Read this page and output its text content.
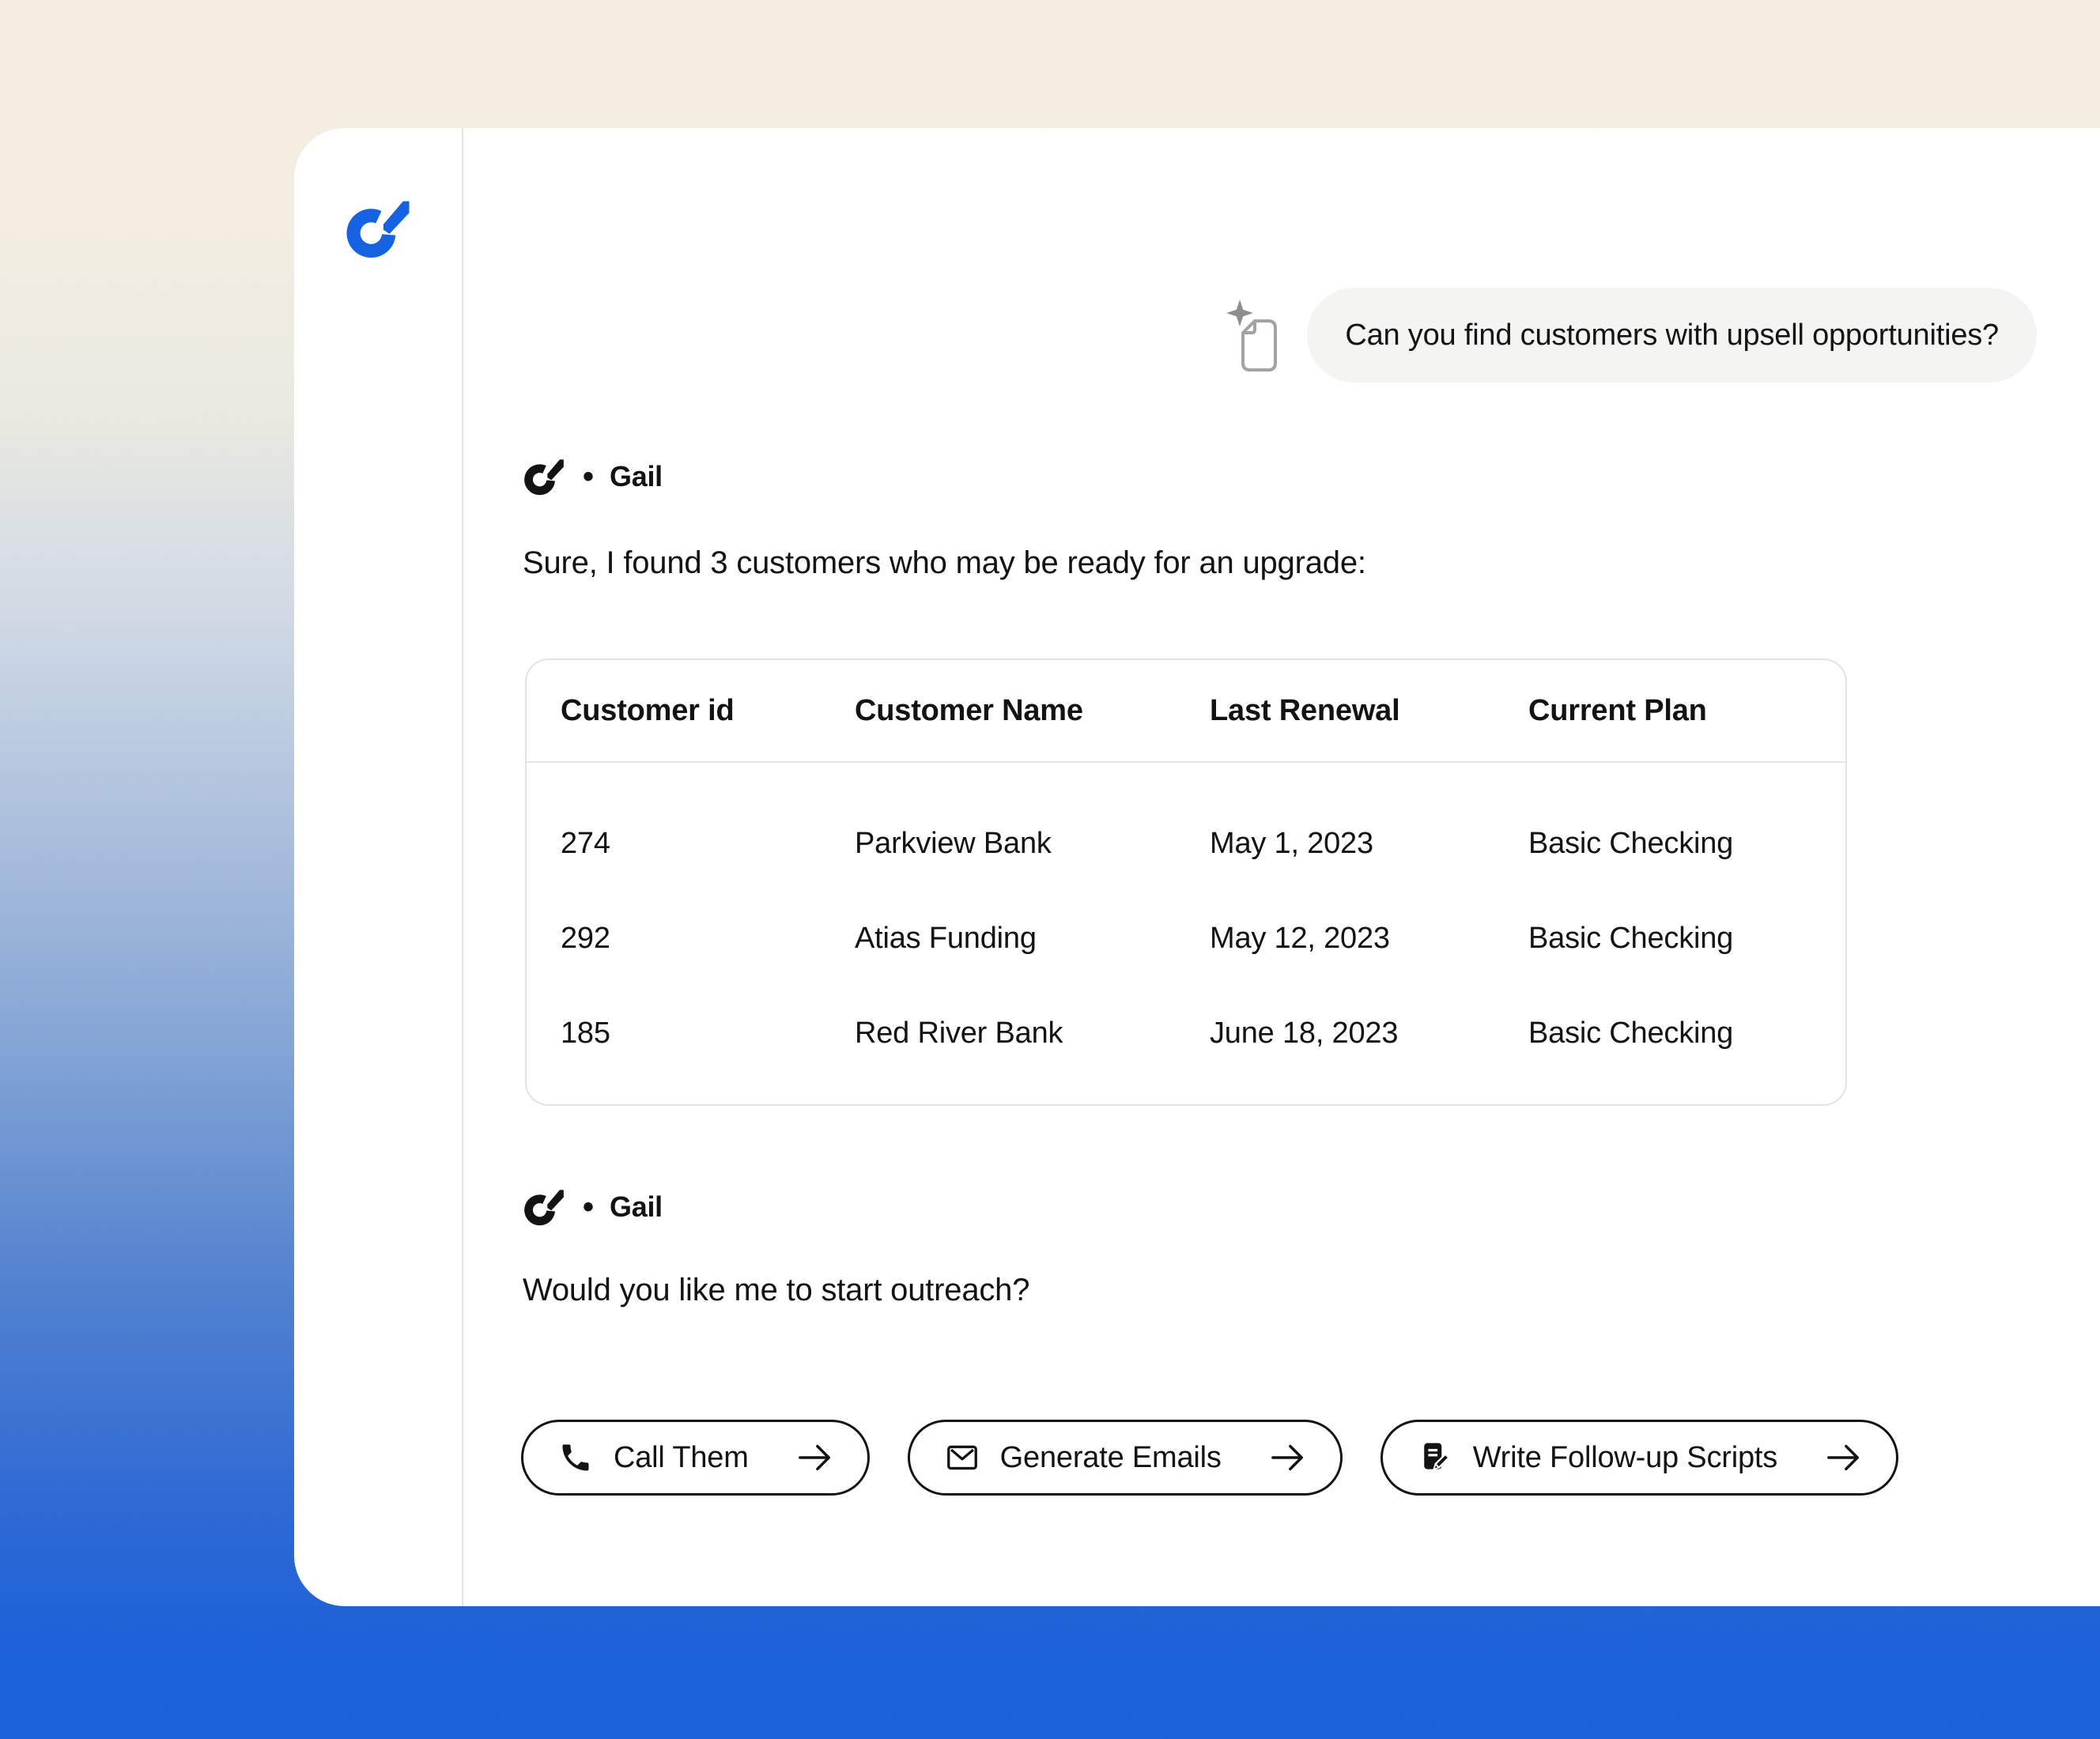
Can you find customers with upsell opportunities?
• Gail
Sure, I found 3 customers who may be ready for an upgrade:
Customer id	Customer Name	Last Renewal	Current Plan
274	Parkview Bank	May 1, 2023	Basic Checking
292	Atias Funding	May 12, 2023	Basic Checking
185	Red River Bank	June 18, 2023	Basic Checking
• Gail
Would you like me to start outreach?
Call Them	Generate Emails	Write Follow-up Scripts
